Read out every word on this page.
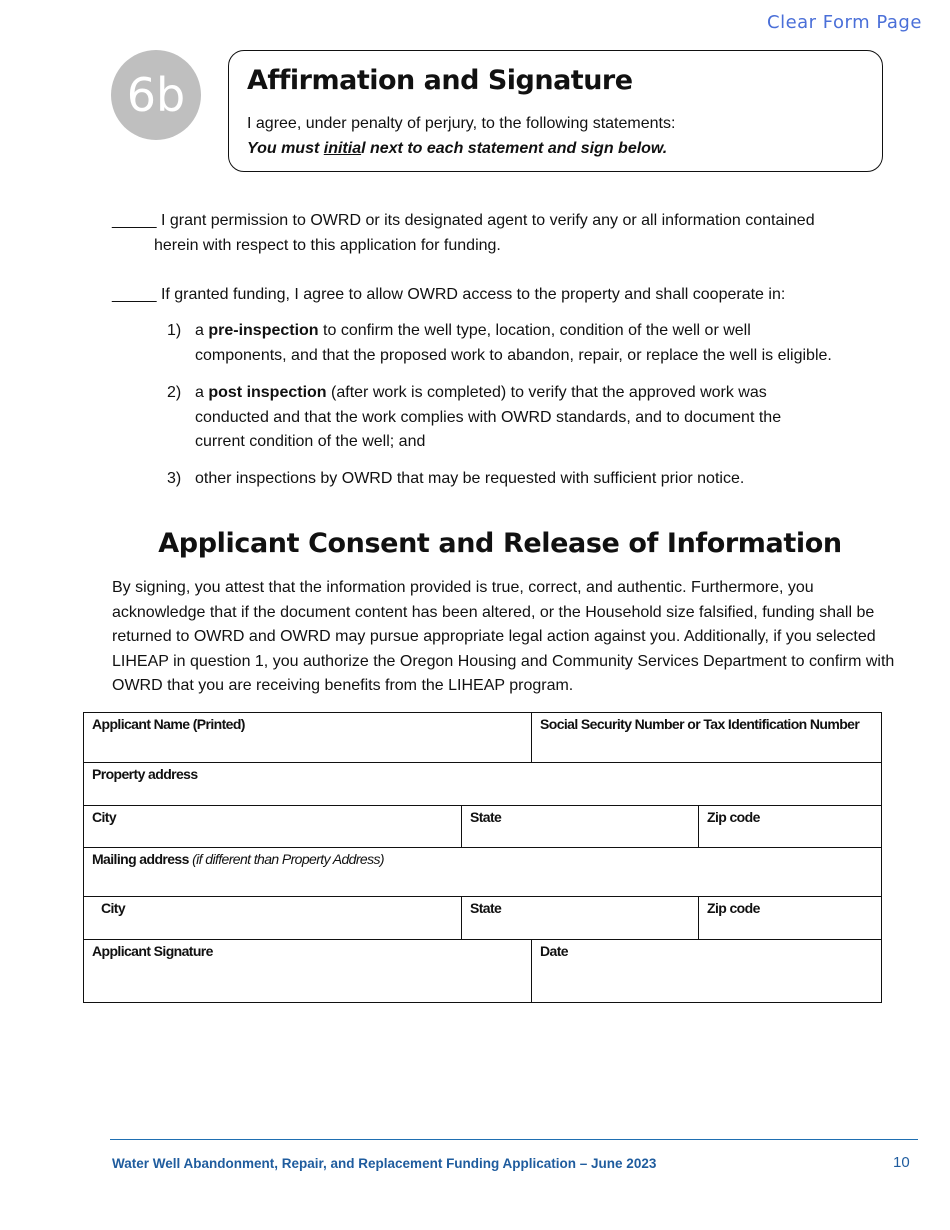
Clear Form Page
6b	Affirmation and Signature
I agree, under penalty of perjury, to the following statements:
You must initial next to each statement and sign below.
_____ I grant permission to OWRD or its designated agent to verify any or all information contained
herein with respect to this application for funding.
_____ If granted funding, I agree to allow OWRD access to the property and shall cooperate in:
1) a pre-inspection to confirm the well type, location, condition of the well or well
components, and that the proposed work to abandon, repair, or replace the well is eligible.
2) a post inspection (after work is completed) to verify that the approved work was conducted and that the work complies with OWRD standards, and to document the current condition of the well; and
3) other inspections by OWRD that may be requested with sufficient prior notice.
Applicant Consent and Release of Information
By signing, you attest that the information provided is true, correct, and authentic. Furthermore, you acknowledge that if the document content has been altered, or the Household size falsified, funding shall be returned to OWRD and OWRD may pursue appropriate legal action against you. Additionally, if you selected LIHEAP in question 1, you authorize the Oregon Housing and Community Services Department to confirm with OWRD that you are receiving benefits from the LIHEAP program.
Applicant Name (Printed)		Social Security Number or Tax Identification Number	
Property address			
City	State		Zip code
Mailing address (if different than Property Address)			
City	State		Zip code
Applicant Signature		Date	
Water Well Abandonment, Repair, and Replacement Funding Application – June 2023	10
